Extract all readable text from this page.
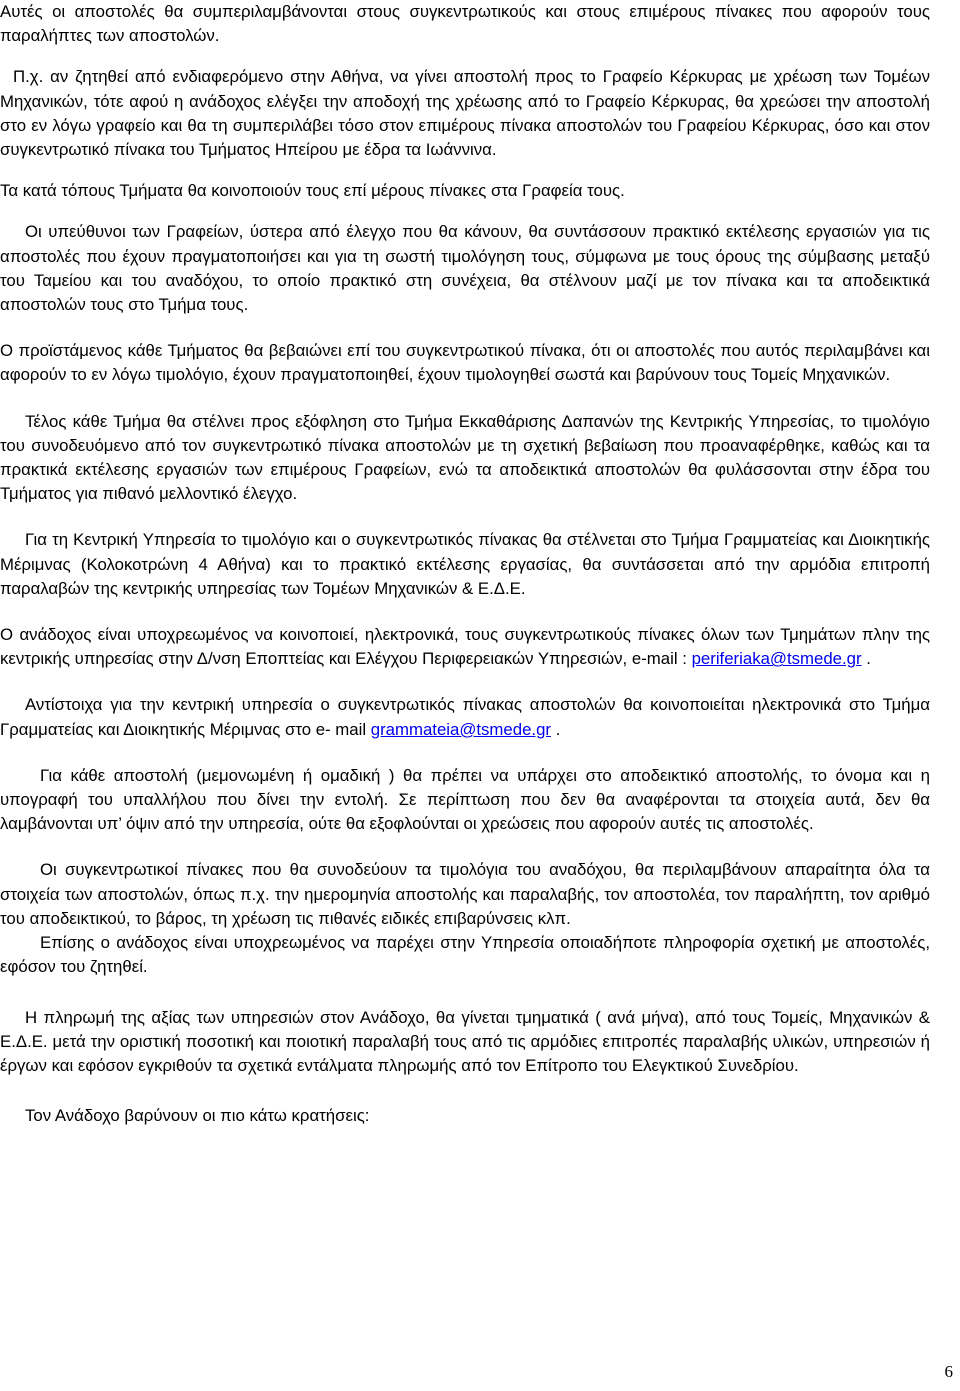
Αυτές οι αποστολές θα συμπεριλαμβάνονται στους συγκεντρωτικούς και στους επιμέρους πίνακες που αφορούν τους παραλήπτες των αποστολών.

Π.χ. αν ζητηθεί από ενδιαφερόμενο στην Αθήνα, να γίνει αποστολή προς το Γραφείο Κέρκυρας με χρέωση των Τομέων Μηχανικών, τότε αφού η ανάδοχος ελέγξει την αποδοχή της χρέωσης από το Γραφείο Κέρκυρας, θα χρεώσει την αποστολή στο εν λόγω γραφείο και θα τη συμπεριλάβει τόσο στον επιμέρους πίνακα αποστολών του Γραφείου Κέρκυρας, όσο και στον συγκεντρωτικό πίνακα του Τμήματος Ηπείρου με έδρα τα Ιωάννινα.

Τα κατά τόπους Τμήματα θα κοινοποιούν τους επί μέρους πίνακες στα Γραφεία τους.

Οι υπεύθυνοι των Γραφείων, ύστερα από έλεγχο που θα κάνουν, θα συντάσσουν πρακτικό εκτέλεσης εργασιών για τις αποστολές που έχουν πραγματοποιήσει και για τη σωστή τιμολόγηση τους, σύμφωνα με τους όρους της σύμβασης μεταξύ του Ταμείου και του αναδόχου, το οποίο πρακτικό στη συνέχεια, θα στέλνουν μαζί με τον πίνακα και τα αποδεικτικά αποστολών τους στο Τμήμα τους.

Ο προϊστάμενος κάθε Τμήματος θα βεβαιώνει επί του συγκεντρωτικού πίνακα, ότι οι αποστολές που αυτός περιλαμβάνει και αφορούν το εν λόγω τιμολόγιο, έχουν πραγματοποιηθεί, έχουν τιμολογηθεί σωστά και βαρύνουν τους Τομείς Μηχανικών.

Τέλος κάθε Τμήμα θα στέλνει προς εξόφληση στο Τμήμα Εκκαθάρισης Δαπανών της Κεντρικής Υπηρεσίας, το τιμολόγιο του συνοδευόμενο από τον συγκεντρωτικό πίνακα αποστολών με τη σχετική βεβαίωση που προαναφέρθηκε, καθώς και τα πρακτικά εκτέλεσης εργασιών των επιμέρους Γραφείων, ενώ τα αποδεικτικά αποστολών θα φυλάσσονται στην έδρα του Τμήματος για πιθανό μελλοντικό έλεγχο.

Για τη Κεντρική Υπηρεσία το τιμολόγιο και ο συγκεντρωτικός πίνακας θα στέλνεται στο Τμήμα Γραμματείας και Διοικητικής Μέριμνας (Κολοκοτρώνη 4 Αθήνα) και το πρακτικό εκτέλεσης εργασίας, θα συντάσσεται από την αρμόδια επιτροπή παραλαβών της κεντρικής υπηρεσίας των Τομέων Μηχανικών & Ε.Δ.Ε.

Ο ανάδοχος είναι υποχρεωμένος να κοινοποιεί, ηλεκτρονικά, τους συγκεντρωτικούς πίνακες όλων των Τμημάτων πλην της κεντρικής υπηρεσίας στην Δ/νση Εποπτείας και Ελέγχου Περιφερειακών Υπηρεσιών, e-mail : periferiaka@tsmede.gr .

Αντίστοιχα για την κεντρική υπηρεσία ο συγκεντρωτικός πίνακας αποστολών θα κοινοποιείται ηλεκτρονικά στο Τμήμα Γραμματείας και Διοικητικής Μέριμνας στο e- mail grammateia@tsmede.gr .

Για κάθε αποστολή (μεμονωμένη ή ομαδική ) θα πρέπει να υπάρχει στο αποδεικτικό αποστολής, το όνομα και η υπογραφή του υπαλλήλου που δίνει την εντολή. Σε περίπτωση που δεν θα αναφέρονται τα στοιχεία αυτά, δεν θα λαμβάνονται υπ’ όψιν από την υπηρεσία, ούτε θα εξοφλούνται οι χρεώσεις που αφορούν αυτές τις αποστολές.

Οι συγκεντρωτικοί πίνακες που θα συνοδεύουν τα τιμολόγια του αναδόχου, θα περιλαμβάνουν απαραίτητα όλα τα στοιχεία των αποστολών, όπως π.χ. την ημερομηνία αποστολής και παραλαβής, τον αποστολέα, τον παραλήπτη, τον αριθμό του αποδεικτικού, το βάρος, τη χρέωση τις πιθανές ειδικές επιβαρύνσεις κλπ.

Επίσης ο ανάδοχος είναι υποχρεωμένος να παρέχει στην Υπηρεσία οποιαδήποτε πληροφορία σχετική με αποστολές, εφόσον του ζητηθεί.

Η πληρωμή της αξίας των υπηρεσιών στον Ανάδοχο, θα γίνεται τμηματικά ( ανά μήνα), από τους Τομείς, Μηχανικών & Ε.Δ.Ε. μετά την οριστική ποσοτική και ποιοτική παραλαβή τους από τις αρμόδιες επιτροπές παραλαβής υλικών, υπηρεσιών ή έργων και εφόσον εγκριθούν τα σχετικά εντάλματα πληρωμής από τον Επίτροπο του Ελεγκτικού Συνεδρίου.

Τον Ανάδοχο βαρύνουν οι πιο κάτω κρατήσεις:

6
